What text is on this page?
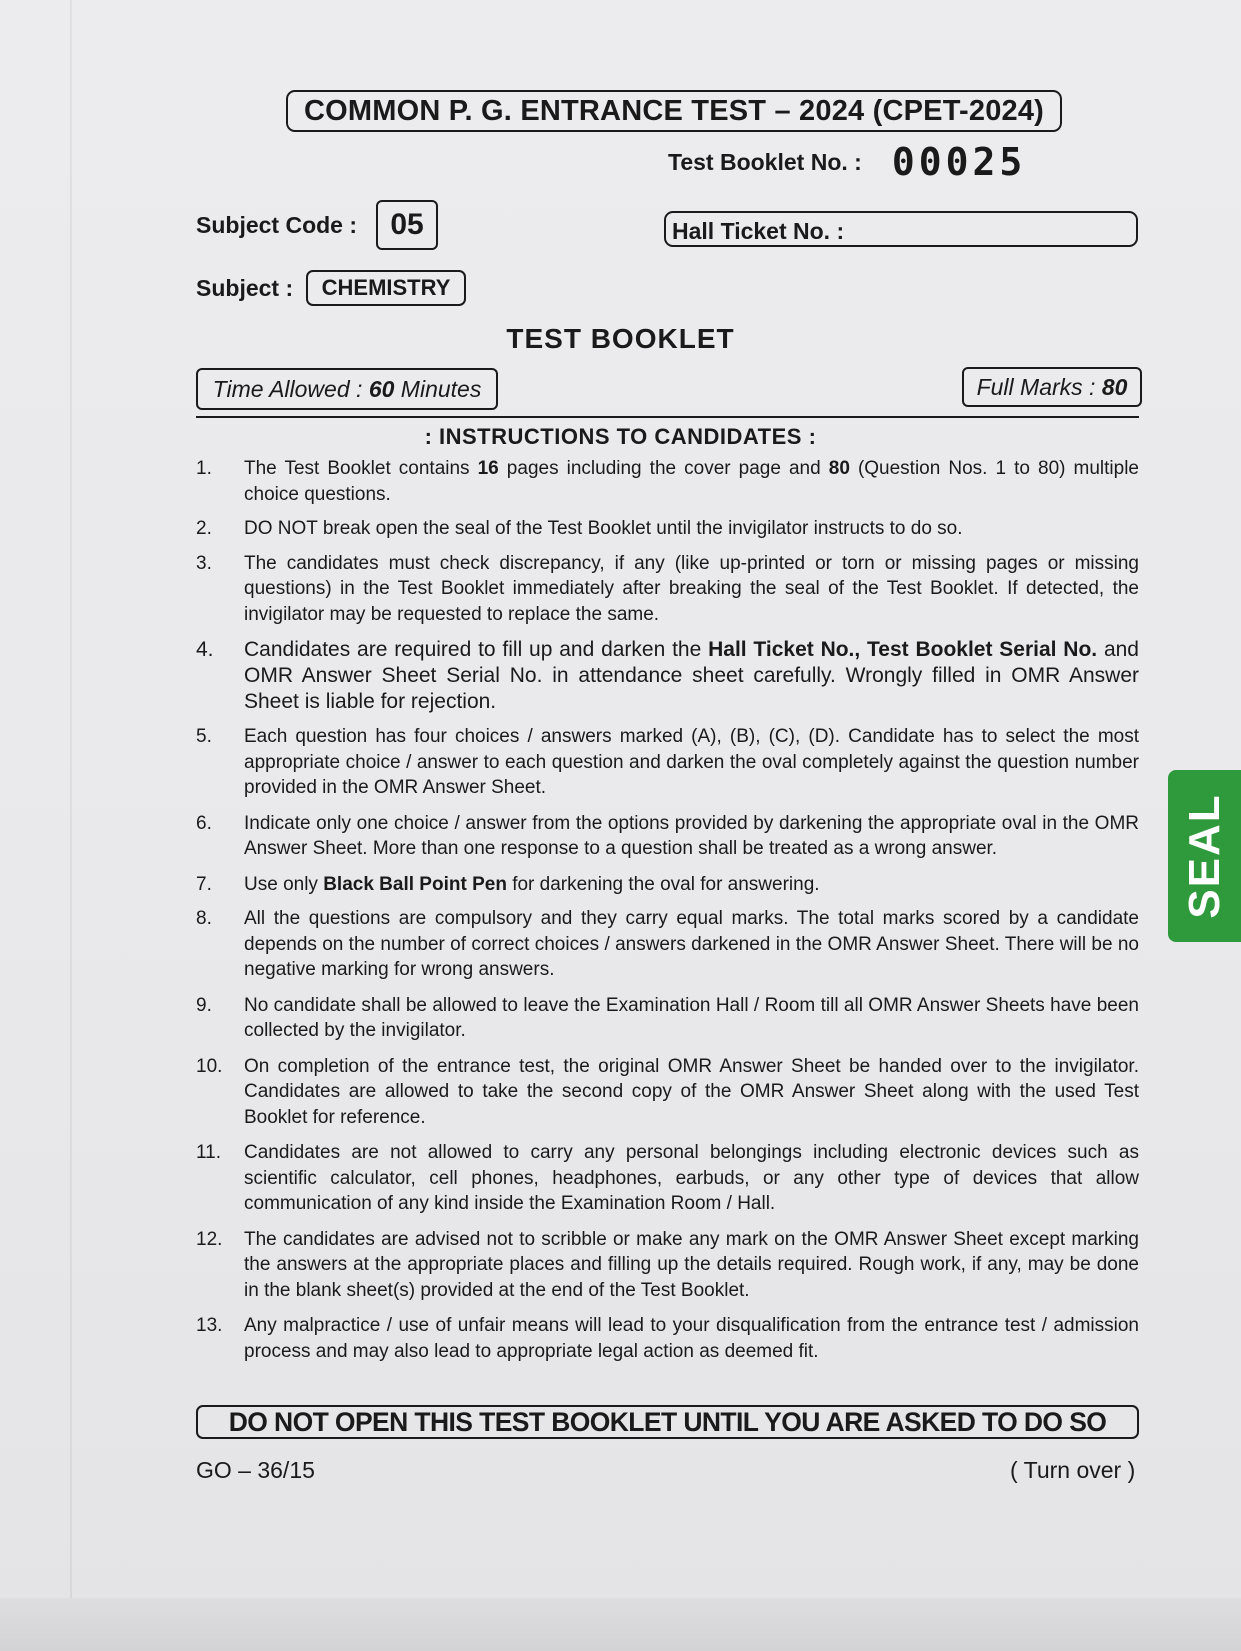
COMMON P. G. ENTRANCE TEST – 2024 (CPET-2024)
Test Booklet No. : 00025
Subject Code :	05	Hall Ticket No. :
Subject :	CHEMISTRY
TEST BOOKLET
Time Allowed : 60 Minutes	Full Marks : 80
: INSTRUCTIONS TO CANDIDATES :
1.	The Test Booklet contains 16 pages including the cover page and 80 (Question Nos. 1 to 80) multiple choice questions.
2.	DO NOT break open the seal of the Test Booklet until the invigilator instructs to do so.
3.	The candidates must check discrepancy, if any (like up-printed or torn or missing pages or missing questions) in the Test Booklet immediately after breaking the seal of the Test Booklet. If detected, the invigilator may be requested to replace the same.
4.	Candidates are required to fill up and darken the Hall Ticket No., Test Booklet Serial No. and OMR Answer Sheet Serial No. in attendance sheet carefully. Wrongly filled in OMR Answer Sheet is liable for rejection.
5.	Each question has four choices / answers marked (A), (B), (C), (D). Candidate has to select the most appropriate choice / answer to each question and darken the oval completely against the question number provided in the OMR Answer Sheet.
6.	Indicate only one choice / answer from the options provided by darkening the appropriate oval in the OMR Answer Sheet. More than one response to a question shall be treated as a wrong answer.
7.	Use only Black Ball Point Pen for darkening the oval for answering.
8.	All the questions are compulsory and they carry equal marks. The total marks scored by a candidate depends on the number of correct choices / answers darkened in the OMR Answer Sheet. There will be no negative marking for wrong answers.
9.	No candidate shall be allowed to leave the Examination Hall / Room till all OMR Answer Sheets have been collected by the invigilator.
10.	On completion of the entrance test, the original OMR Answer Sheet be handed over to the invigilator. Candidates are allowed to take the second copy of the OMR Answer Sheet along with the used Test Booklet for reference.
11.	Candidates are not allowed to carry any personal belongings including electronic devices such as scientific calculator, cell phones, headphones, earbuds, or any other type of devices that allow communication of any kind inside the Examination Room / Hall.
12.	The candidates are advised not to scribble or make any mark on the OMR Answer Sheet except marking the answers at the appropriate places and filling up the details required. Rough work, if any, may be done in the blank sheet(s) provided at the end of the Test Booklet.
13.	Any malpractice / use of unfair means will lead to your disqualification from the entrance test / admission process and may also lead to appropriate legal action as deemed fit.
DO NOT OPEN THIS TEST BOOKLET UNTIL YOU ARE ASKED TO DO SO
GO – 36/15	( Turn over )
SEAL
